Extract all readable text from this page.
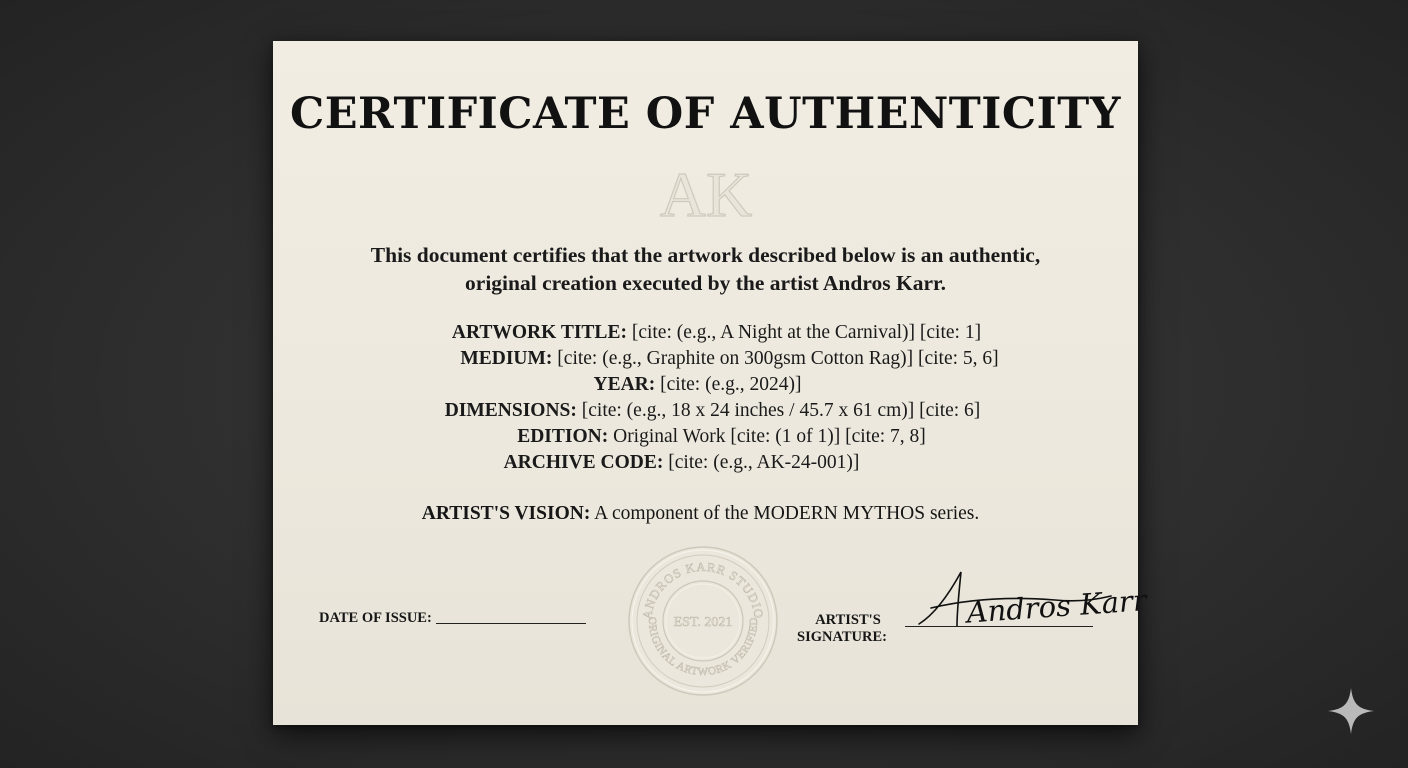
CERTIFICATE OF AUTHENTICITY
AK
This document certifies that the artwork described below is an authentic,
original creation executed by the artist Andros Karr.
ARTWORK TITLE: [cite: (e.g., A Night at the Carnival)] [cite: 1]
MEDIUM: [cite: (e.g., Graphite on 300gsm Cotton Rag)] [cite: 5, 6]
YEAR: [cite: (e.g., 2024)]
DIMENSIONS: [cite: (e.g., 18 x 24 inches / 45.7 x 61 cm)] [cite: 6]
EDITION: Original Work [cite: (1 of 1)] [cite: 7, 8]
ARCHIVE CODE: [cite: (e.g., AK-24-001)]
ARTIST'S VISION: A component of the MODERN MYTHOS series.
DATE OF ISSUE:	ANDROS KARR STUDIO
EST. 2021
ORIGINAL ARTWORK VERIFIED	ARTIST'S
SIGNATURE:
Andros Karr
